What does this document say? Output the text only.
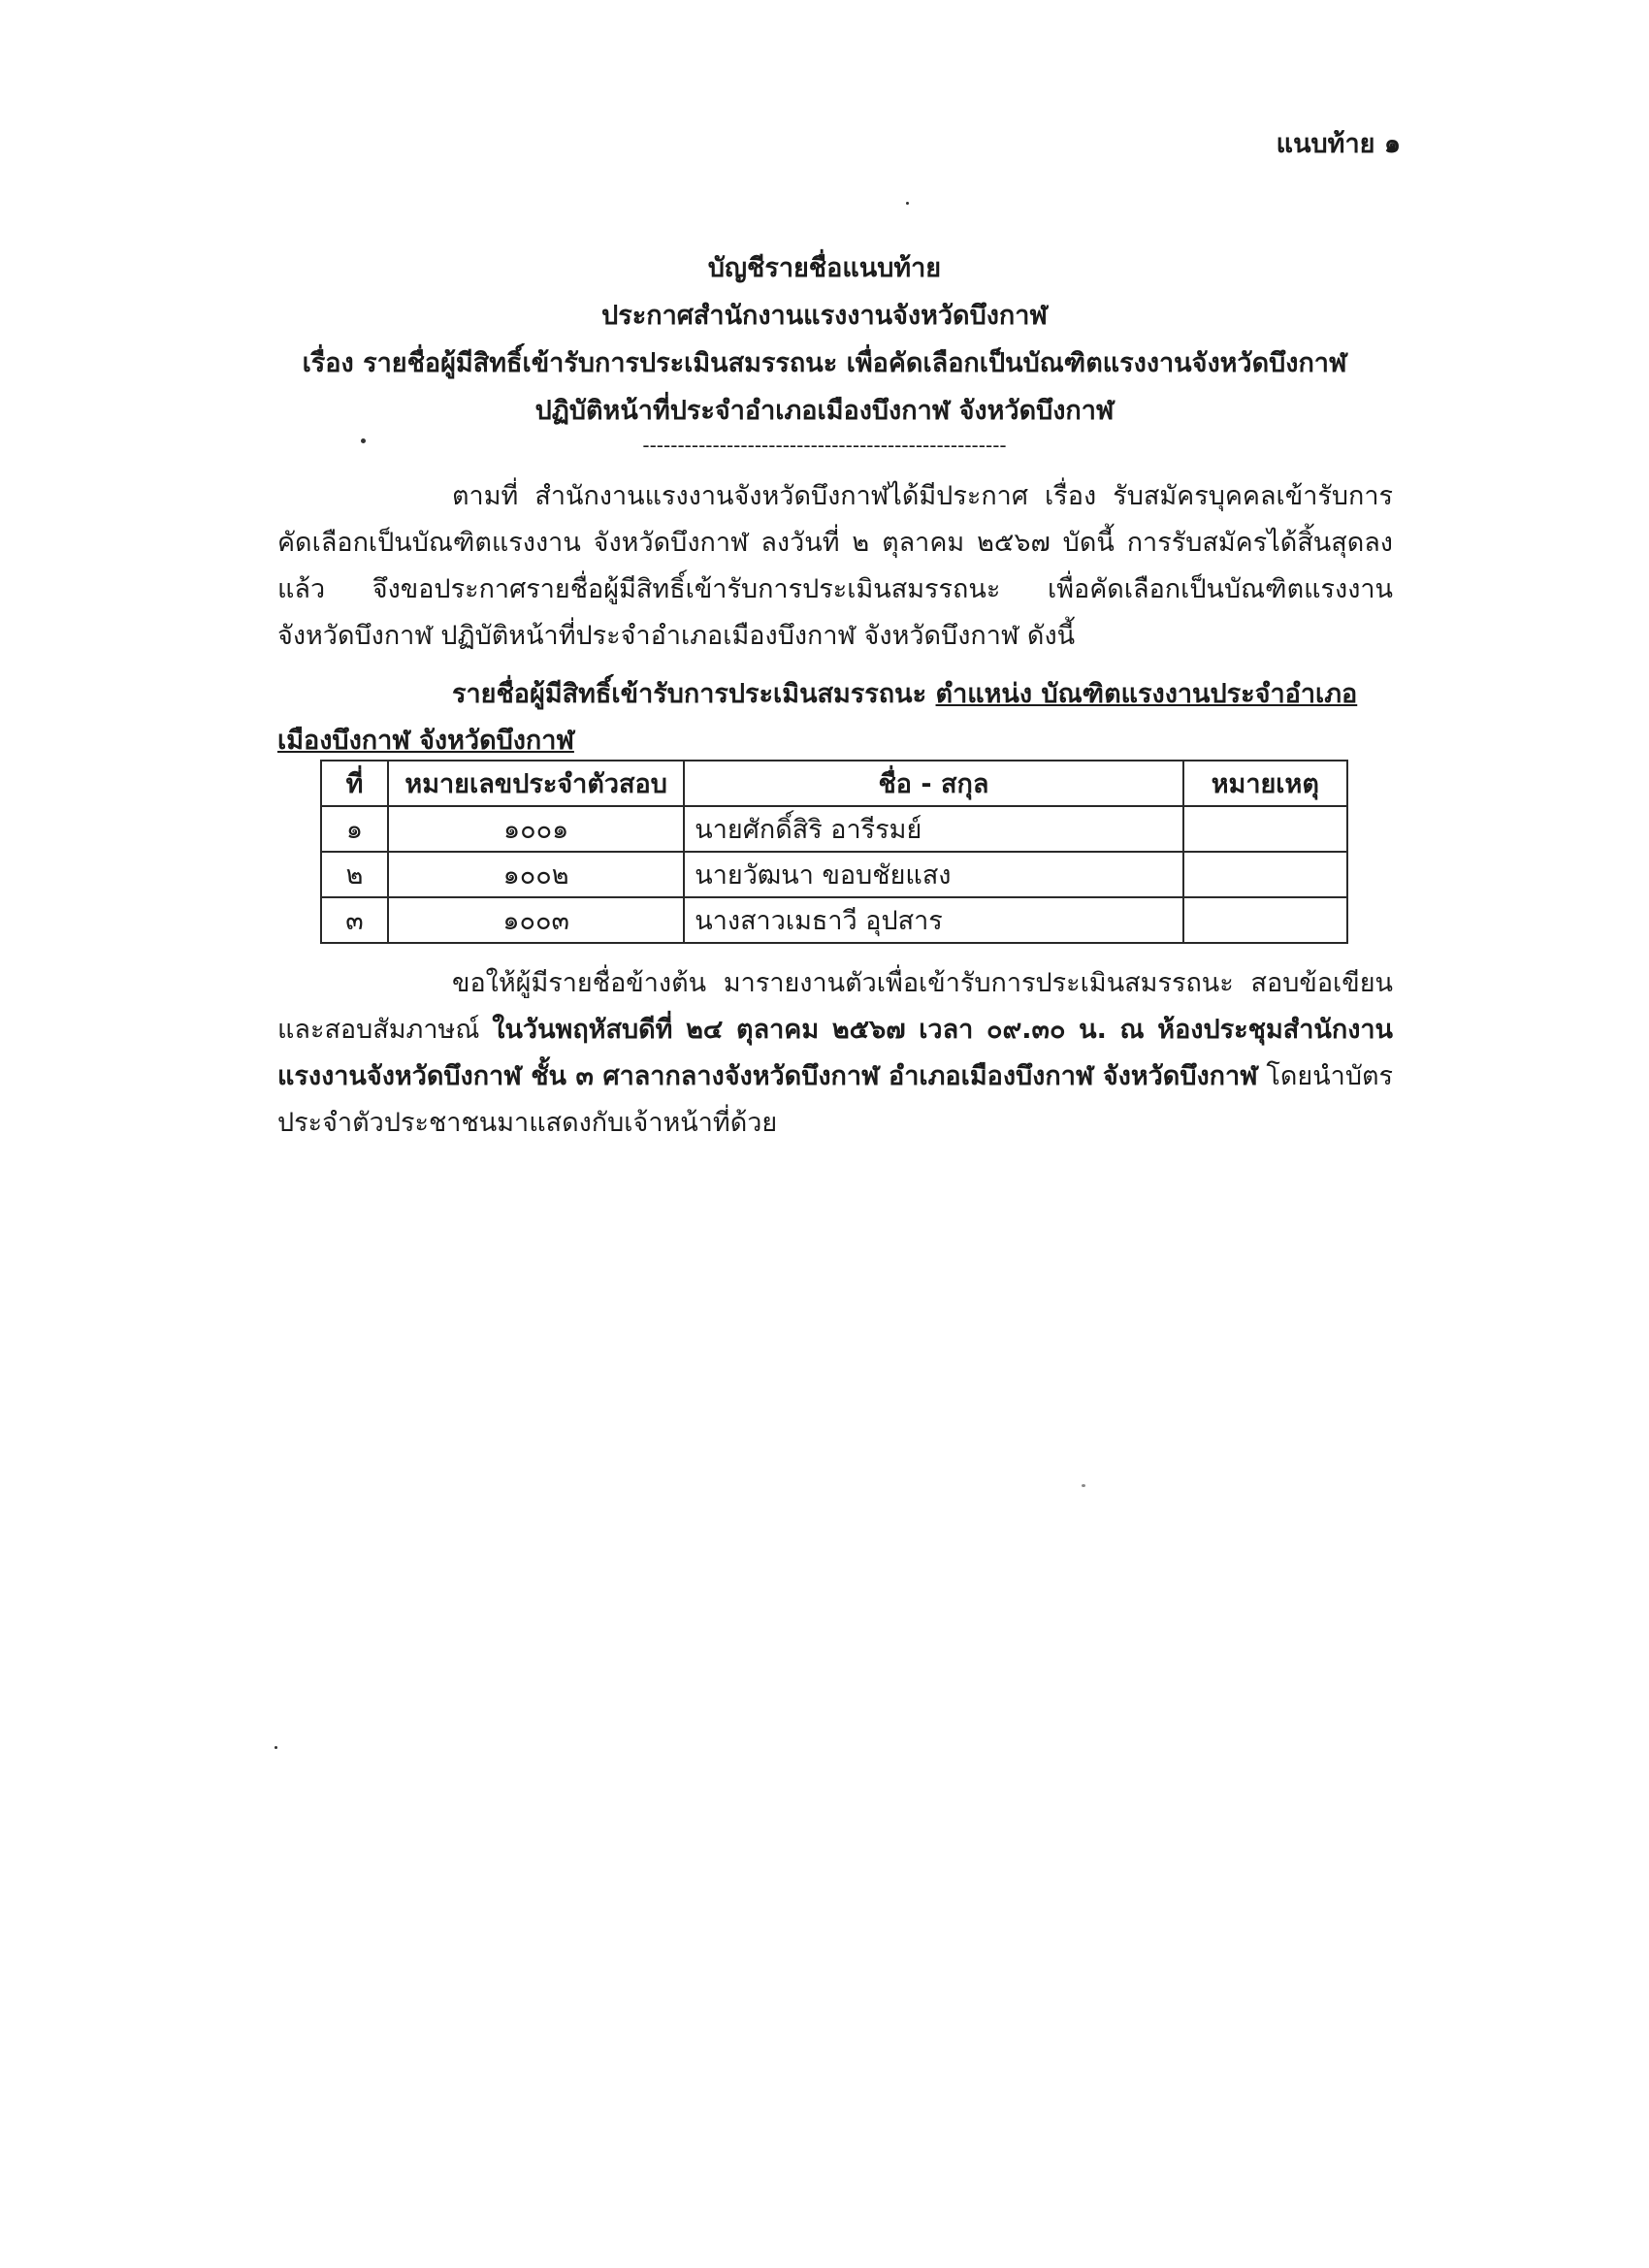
แนบท้าย ๑
บัญชีรายชื่อแนบท้าย
ประกาศสำนักงานแรงงานจังหวัดบึงกาฬ
เรื่อง รายชื่อผู้มีสิทธิ์เข้ารับการประเมินสมรรถนะ เพื่อคัดเลือกเป็นบัณฑิตแรงงานจังหวัดบึงกาฬ
ปฏิบัติหน้าที่ประจำอำเภอเมืองบึงกาฬ จังหวัดบึงกาฬ
----------------------------------------------------
ตามที่ สำนักงานแรงงานจังหวัดบึงกาฬได้มีประกาศ เรื่อง รับสมัครบุคคลเข้ารับการคัดเลือกเป็นบัณฑิตแรงงาน จังหวัดบึงกาฬ ลงวันที่ ๒ ตุลาคม ๒๕๖๗ บัดนี้ การรับสมัครได้สิ้นสุดลงแล้ว จึงขอประกาศรายชื่อผู้มีสิทธิ์เข้ารับการประเมินสมรรถนะ เพื่อคัดเลือกเป็นบัณฑิตแรงงาน จังหวัดบึงกาฬ ปฏิบัติหน้าที่ประจำอำเภอเมืองบึงกาฬ จังหวัดบึงกาฬ ดังนี้
รายชื่อผู้มีสิทธิ์เข้ารับการประเมินสมรรถนะ ตำแหน่ง บัณฑิตแรงงานประจำอำเภอเมืองบึงกาฬ จังหวัดบึงกาฬ
ที่	หมายเลขประจำตัวสอบ	ชื่อ - สกุล	หมายเหตุ
๑	๑๐๐๑	นายศักดิ์สิริ อารีรมย์	
๒	๑๐๐๒	นายวัฒนา ขอบชัยแสง	
๓	๑๐๐๓	นางสาวเมธาวี อุปสาร	
ขอให้ผู้มีรายชื่อข้างต้น มารายงานตัวเพื่อเข้ารับการประเมินสมรรถนะ สอบข้อเขียน และสอบสัมภาษณ์ ในวันพฤหัสบดีที่ ๒๔ ตุลาคม ๒๕๖๗ เวลา ๐๙.๓๐ น. ณ ห้องประชุมสำนักงานแรงงานจังหวัดบึงกาฬ ชั้น ๓ ศาลากลางจังหวัดบึงกาฬ อำเภอเมืองบึงกาฬ จังหวัดบึงกาฬ โดยนำบัตรประจำตัวประชาชนมาแสดงกับเจ้าหน้าที่ด้วย
